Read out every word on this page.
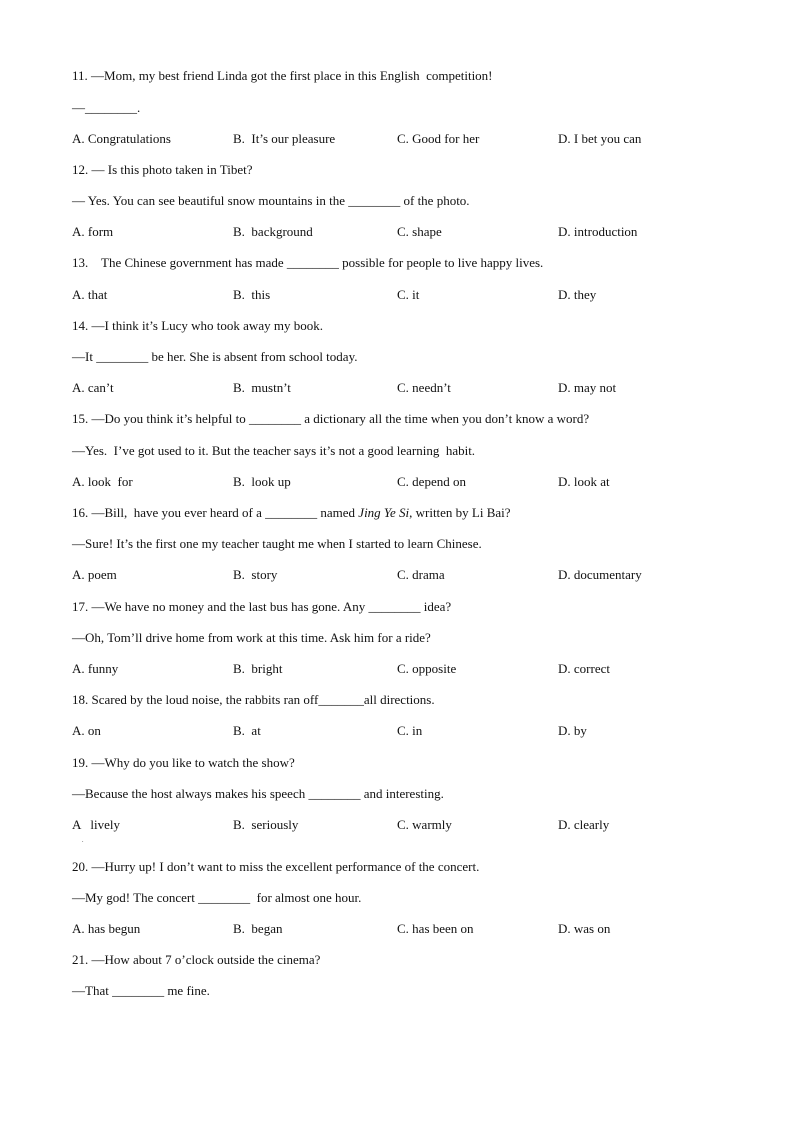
11. —Mom, my best friend Linda got the first place in this English  competition!
—________.
A. Congratulations	B.  It’s our pleasure	C. Good for her	D. I bet you can
12. — Is this photo taken in Tibet?
— Yes. You can see beautiful snow mountains in the ________ of the photo.
A. form	B.  background	C. shape	D. introduction
13.    The Chinese government has made ________ possible for people to live happy lives.
A. that	B.  this	C. it	D. they
14. —I think it’s Lucy who took away my book.
—It ________ be her. She is absent from school today.
A. can’t	B.  mustn’t	C. needn’t	D. may not
15. —Do you think it’s helpful to ________ a dictionary all the time when you don’t know a word?
—Yes.  I’ve got used to it. But the teacher says it’s not a good learning  habit.
A. look  for	B.  look up	C. depend on	D. look at
16. —Bill,  have you ever heard of a ________ named Jing Ye Si, written by Li Bai?
—Sure! It’s the first one my teacher taught me when I started to learn Chinese.
A. poem	B.  story	C. drama	D. documentary
17. —We have no money and the last bus has gone. Any ________ idea?
—Oh, Tom’ll drive home from work at this time. Ask him for a ride?
A. funny	B.  bright	C. opposite	D. correct
18. Scared by the loud noise, the rabbits ran off_______all directions.
A. on	B.  at	C. in	D. by
19. —Why do you like to watch the show?
—Because the host always makes his speech ________ and interesting.
A   lively	B.  seriously	C. warmly	D. clearly
.
20. —Hurry up! I don’t want to miss the excellent performance of the concert.
—My god! The concert ________  for almost one hour.
A. has begun	B.  began	C. has been on	D. was on
21. —How about 7 o’clock outside the cinema?
—That ________ me fine.
